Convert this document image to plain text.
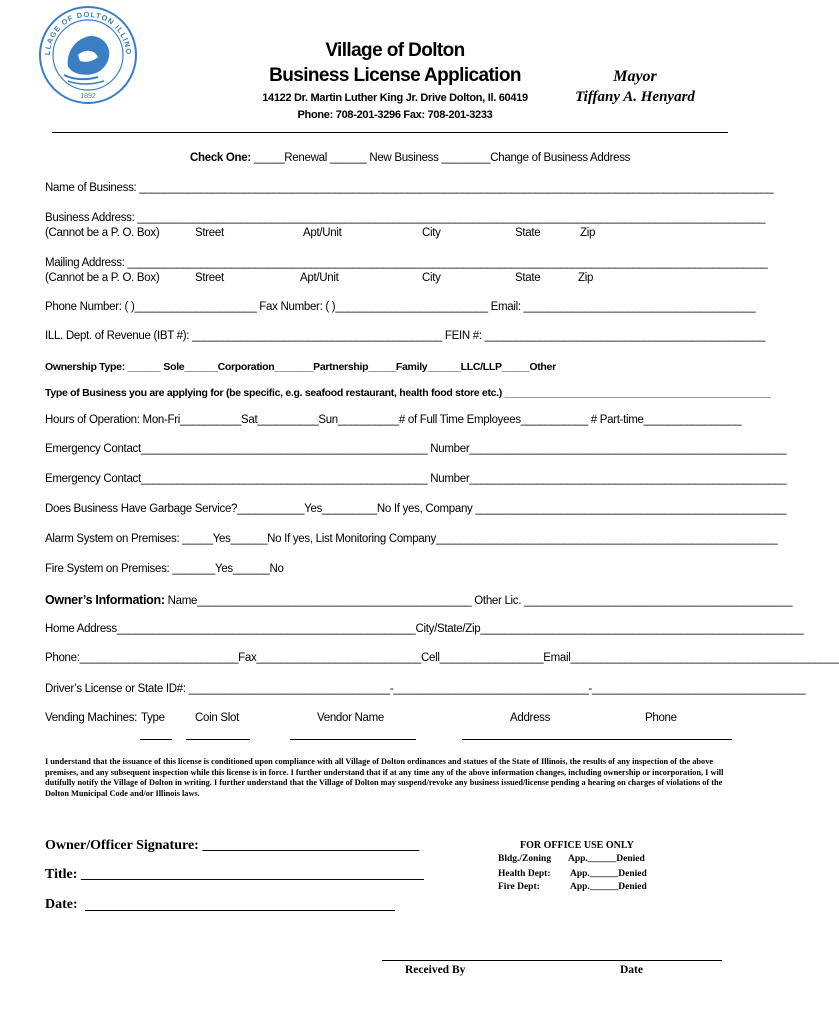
LLAGE OF DOLTON ILLINO
1892
Village of Dolton
Business License Application
14122 Dr. Martin Luther King Jr. Drive Dolton, Il. 60419
Phone: 708-201-3296 Fax: 708-201-3233
Mayor
Tiffany A. Henyard
Check One: _____Renewal ______ New Business ________Change of Business Address
Name of Business: ________________________________________________________________________________________________________
Business Address: _______________________________________________________________________________________________________
(Cannot be a P. O. Box)	Street	Apt/Unit	City	State	Zip
Mailing Address: _________________________________________________________________________________________________________
(Cannot be a P. O. Box)	Street	Apt/Unit	City	State	Zip
Phone Number: ( )____________________ Fax Number: ( )_________________________ Email: ______________________________________
ILL. Dept. of Revenue (IBT #): _________________________________________ FEIN #: ______________________________________________
Ownership Type: ______ Sole______Corporation_______Partnership_____Family______LLC/LLP_____Other
Type of Business you are applying for (be specific, e.g. seafood restaurant, health food store etc.) ________________________________________________
Hours of Operation: Mon-Fri__________Sat__________Sun__________# of Full Time Employees___________ # Part-time________________
Emergency Contact_______________________________________________ Number____________________________________________________
Emergency Contact_______________________________________________ Number____________________________________________________
Does Business Have Garbage Service?___________Yes_________No If yes, Company ___________________________________________________
Alarm System on Premises: _____Yes______No If yes, List Monitoring Company________________________________________________________
Fire System on Premises: _______Yes______No
Owner’s Information: Name_____________________________________________ Other Lic. ____________________________________________
Home Address_________________________________________________City/State/Zip_____________________________________________________
Phone:__________________________Fax___________________________Cell_________________Email____________________________________________
Driver’s License or State ID#: _________________________________-________________________________-___________________________________
Vending Machines: Type	Coin Slot	Vendor Name	Address	Phone
I understand that the issuance of this license is conditioned upon compliance with all Village of Dolton ordinances and statues of the State of Illinois, the results of any inspection of the above premises, and any subsequent inspection while this license is in force. I further understand that if at any time any of the above information changes, including ownership or incorporation, I will dutifully notify the Village of Dolton in writing. I further understand that the Village of Dolton may suspend/revoke any business issued/license pending a hearing on charges of violations of the Dolton Municipal Code and/or Illinois laws.
Owner/Officer Signature: _______________________________
Title: _________________________________________________
Date:
FOR OFFICE USE ONLY
Bldg./Zoning App.______Denied
Health Dept: App.______Denied
Fire Dept:	App.______Denied
Received By	Date
